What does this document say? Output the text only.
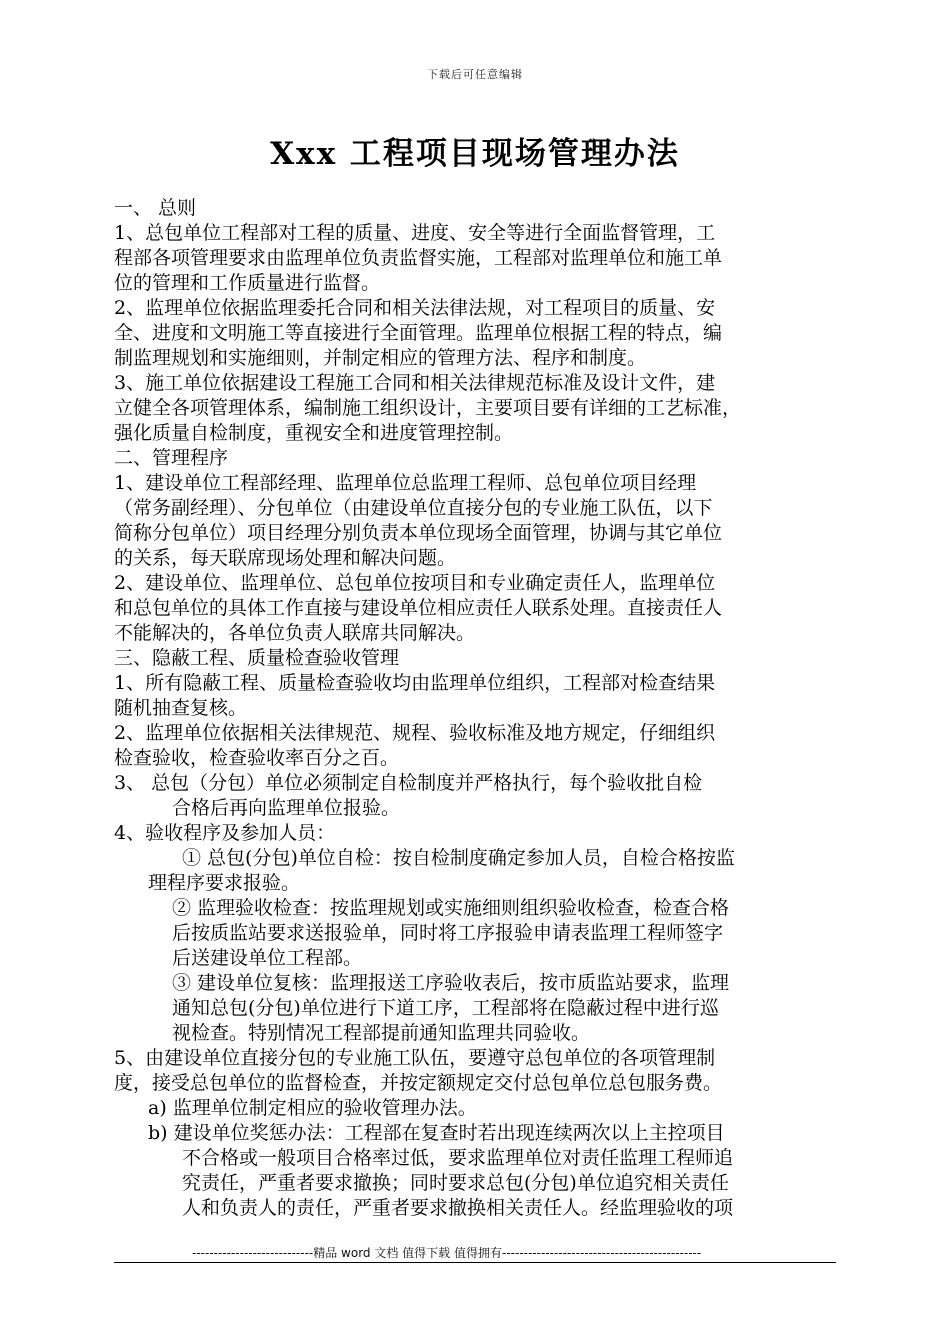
下载后可任意编辑
Xxx 工程项目现场管理办法
一、 总则
1、总包单位工程部对工程的质量、进度、安全等进行全面监督管理，工
程部各项管理要求由监理单位负责监督实施，工程部对监理单位和施工单
位的管理和工作质量进行监督。
2、监理单位依据监理委托合同和相关法律法规，对工程项目的质量、安
全、进度和文明施工等直接进行全面管理。监理单位根据工程的特点，编
制监理规划和实施细则，并制定相应的管理方法、程序和制度。
3、施工单位依据建设工程施工合同和相关法律规范标准及设计文件，建
立健全各项管理体系，编制施工组织设计，主要项目要有详细的工艺标准，
强化质量自检制度，重视安全和进度管理控制。
二、管理程序
1、建设单位工程部经理、监理单位总监理工程师、总包单位项目经理
（常务副经理）、分包单位（由建设单位直接分包的专业施工队伍，以下
简称分包单位）项目经理分别负责本单位现场全面管理，协调与其它单位
的关系，每天联席现场处理和解决问题。
2、建设单位、监理单位、总包单位按项目和专业确定责任人，监理单位
和总包单位的具体工作直接与建设单位相应责任人联系处理。直接责任人
不能解决的，各单位负责人联席共同解决。
三、隐蔽工程、质量检查验收管理
1、所有隐蔽工程、质量检查验收均由监理单位组织，工程部对检查结果
随机抽查复核。
2、监理单位依据相关法律规范、规程、验收标准及地方规定，仔细组织
检查验收，检查验收率百分之百。
3、 总包（分包）单位必须制定自检制度并严格执行，每个验收批自检
合格后再向监理单位报验。
4、验收程序及参加人员：
① 总包(分包)单位自检：按自检制度确定参加人员，自检合格按监
理程序要求报验。
② 监理验收检查：按监理规划或实施细则组织验收检查，检查合格
后按质监站要求送报验单，同时将工序报验申请表监理工程师签字
后送建设单位工程部。
③ 建设单位复核：监理报送工序验收表后，按市质监站要求，监理
通知总包(分包)单位进行下道工序，工程部将在隐蔽过程中进行巡
视检查。特别情况工程部提前通知监理共同验收。
5、由建设单位直接分包的专业施工队伍，要遵守总包单位的各项管理制
度，接受总包单位的监督检查，并按定额规定交付总包单位总包服务费。
a) 监理单位制定相应的验收管理办法。
b) 建设单位奖惩办法：工程部在复查时若出现连续两次以上主控项目
不合格或一般项目合格率过低，要求监理单位对责任监理工程师追
究责任，严重者要求撤换；同时要求总包(分包)单位追究相关责任
人和负责人的责任，严重者要求撤换相关责任人。经监理验收的项
----------------------------精品 word 文档 值得下载 值得拥有----------------------------------------------
